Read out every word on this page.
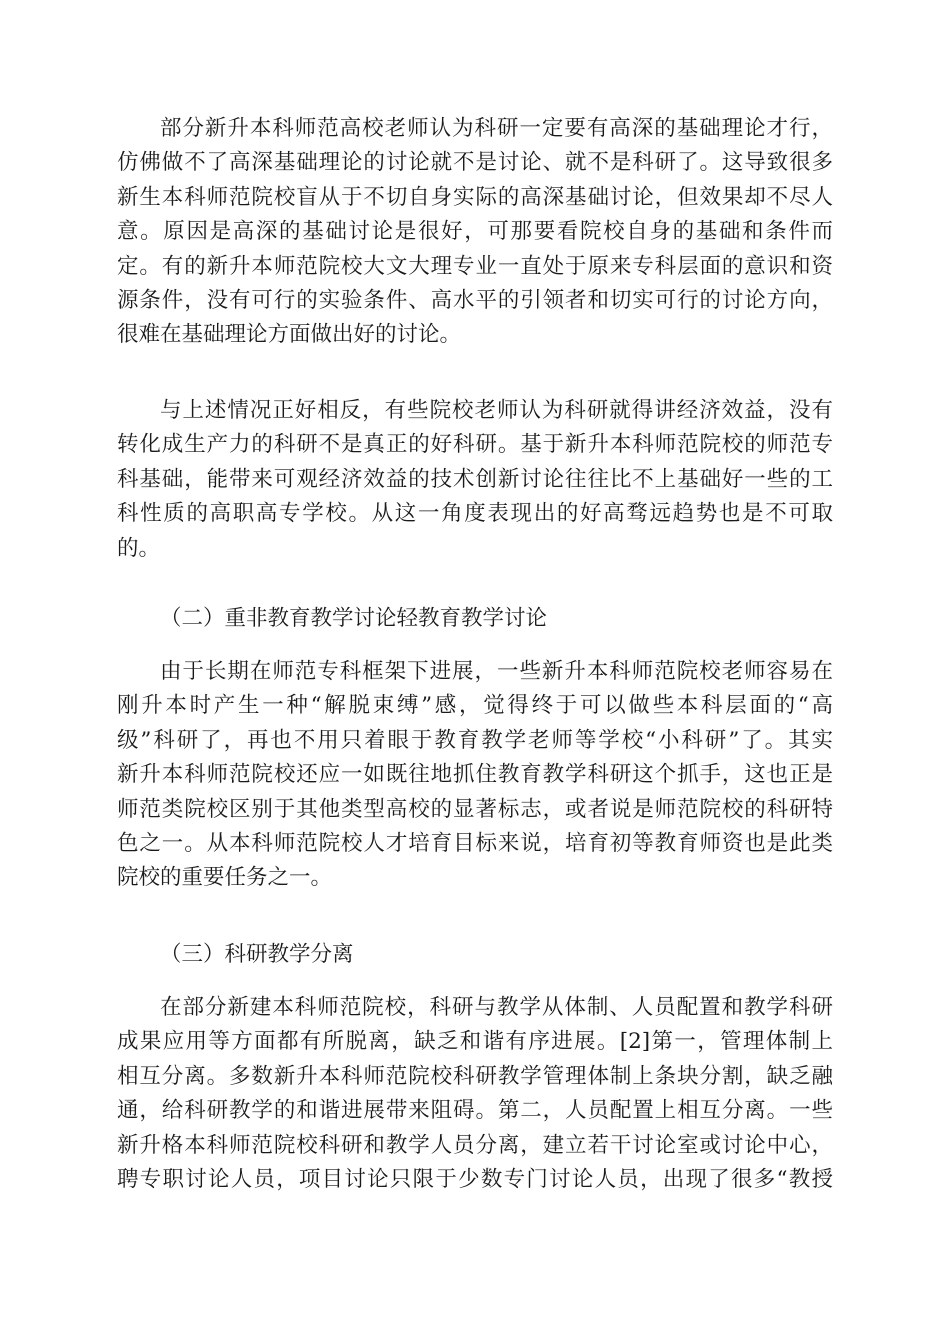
部分新升本科师范高校老师认为科研一定要有高深的基础理论才行，
仿佛做不了高深基础理论的讨论就不是讨论、就不是科研了。这导致很多
新生本科师范院校盲从于不切自身实际的高深基础讨论，但效果却不尽人
意。原因是高深的基础讨论是很好，可那要看院校自身的基础和条件而
定。有的新升本师范院校大文大理专业一直处于原来专科层面的意识和资
源条件，没有可行的实验条件、高水平的引领者和切实可行的讨论方向，
很难在基础理论方面做出好的讨论。
与上述情况正好相反，有些院校老师认为科研就得讲经济效益，没有
转化成生产力的科研不是真正的好科研。基于新升本科师范院校的师范专
科基础，能带来可观经济效益的技术创新讨论往往比不上基础好一些的工
科性质的高职高专学校。从这一角度表现出的好高骛远趋势也是不可取
的。
（二）重非教育教学讨论轻教育教学讨论
由于长期在师范专科框架下进展，一些新升本科师范院校老师容易在
刚升本时产生一种“解脱束缚”感，觉得终于可以做些本科层面的“高
级”科研了，再也不用只着眼于教育教学老师等学校“小科研”了。其实
新升本科师范院校还应一如既往地抓住教育教学科研这个抓手，这也正是
师范类院校区别于其他类型高校的显著标志，或者说是师范院校的科研特
色之一。从本科师范院校人才培育目标来说，培育初等教育师资也是此类
院校的重要任务之一。
（三）科研教学分离
在部分新建本科师范院校，科研与教学从体制、人员配置和教学科研
成果应用等方面都有所脱离，缺乏和谐有序进展。[2]第一，管理体制上
相互分离。多数新升本科师范院校科研教学管理体制上条块分割，缺乏融
通，给科研教学的和谐进展带来阻碍。第二，人员配置上相互分离。一些
新升格本科师范院校科研和教学人员分离，建立若干讨论室或讨论中心，
聘专职讨论人员，项目讨论只限于少数专门讨论人员，出现了很多“教授
